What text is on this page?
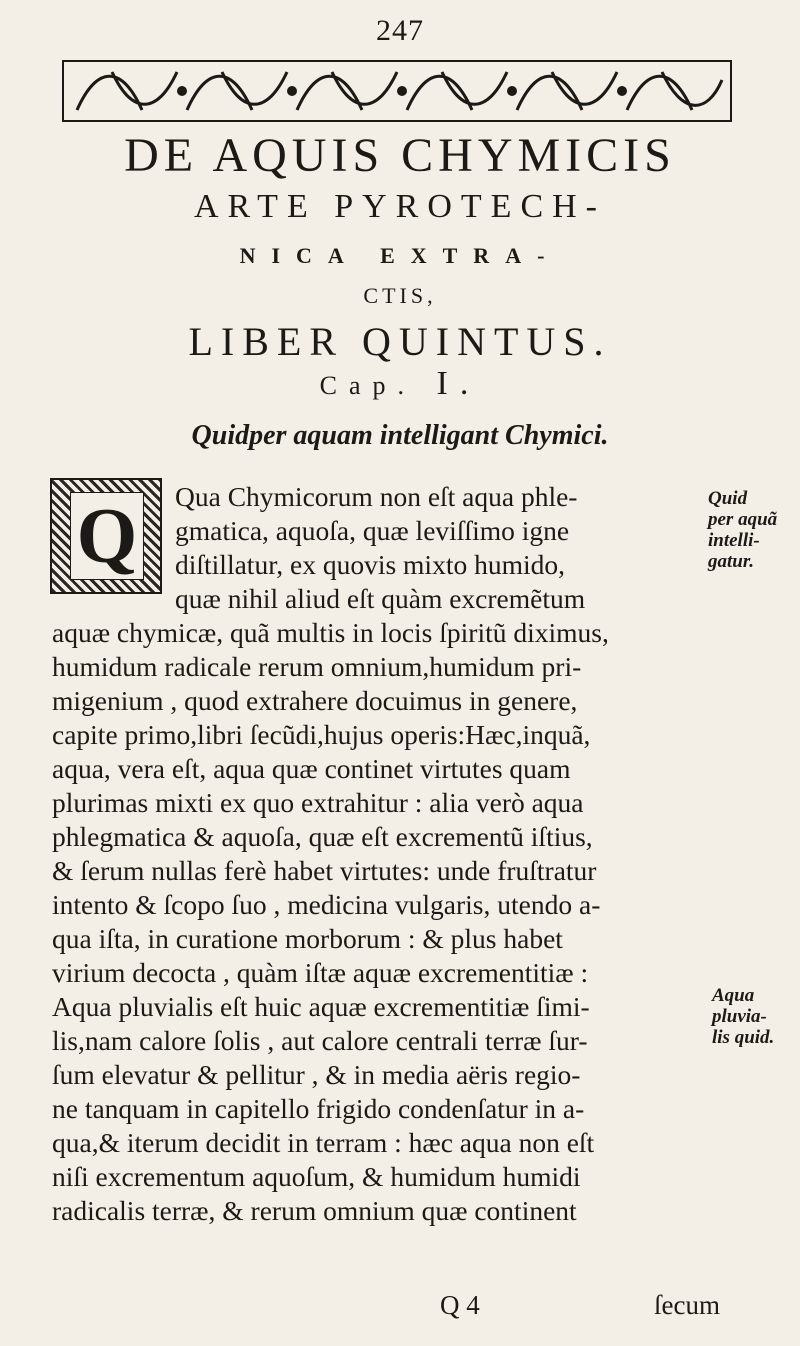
247
DE AQUIS CHYMICIS
ARTE PYROTECH-
NICA EXTRA-
CTIS,
LIBER QUINTUS.
Cap. I.
Quidper aquam intelligant Chymici.
Q Qua Chymicorum non eſt aqua phle-
gmatica, aquoſa, quæ leviſſimo igne
diſtillatur, ex quovis mixto humido,
quæ nihil aliud eſt quàm excremẽtum
aquæ chymicæ, quã multis in locis ſpiritũ diximus,
humidum radicale rerum omnium,humidum pri-
migenium , quod extrahere docuimus in genere,
capite primo,libri ſecũdi,hujus operis:Hæc,inquã,
aqua, vera eſt, aqua quæ continet virtutes quam
plurimas mixti ex quo extrahitur : alia verò aqua
phlegmatica & aquoſa, quæ eſt excrementũ iſtius,
& ſerum nullas ferè habet virtutes: unde fruſtratur
intento & ſcopo ſuo , medicina vulgaris, utendo a-
qua iſta, in curatione morborum : & plus habet
virium decocta , quàm iſtæ aquæ excrementitiæ :
Aqua pluvialis eſt huic aquæ excrementitiæ ſimi-
lis,nam calore ſolis , aut calore centrali terræ ſur-
ſum elevatur & pellitur , & in media aëris regio-
ne tanquam in capitello frigido condenſatur in a-
qua,& iterum decidit in terram : hæc aqua non eſt
niſi excrementum aquoſum, & humidum humidi
radicalis terræ, & rerum omnium quæ continent
Quid
per aquã
intelli-
gatur.
Aqua
pluvia-
lis quid.
Q 4	ſecum
